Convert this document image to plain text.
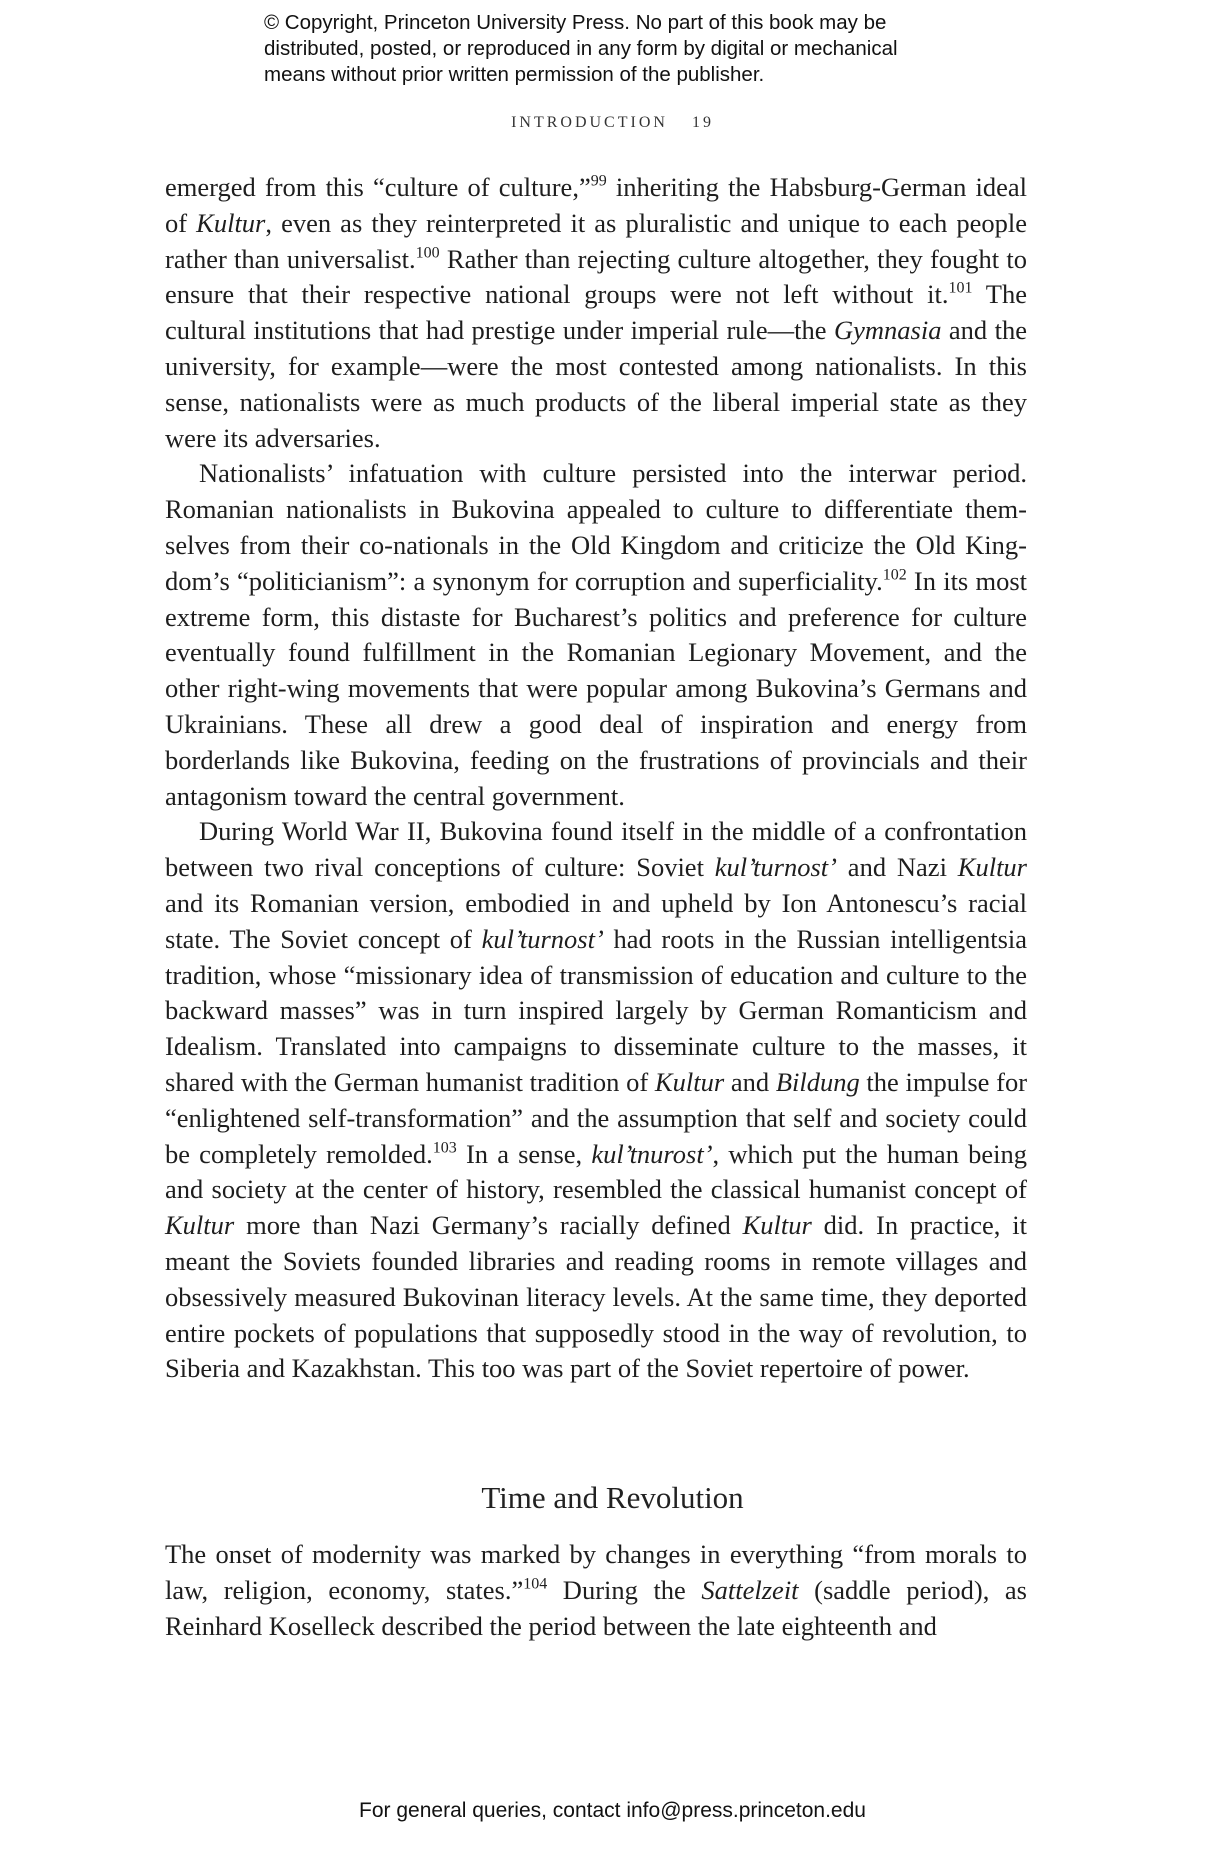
© Copyright, Princeton University Press. No part of this book may be
distributed, posted, or reproduced in any form by digital or mechanical
means without prior written permission of the publisher.
INTRODUCTION 19

emerged from this “culture of culture,”$^{99}$ inheriting the Habsburg-German ideal of Kultur, even as they reinterpreted it as pluralistic and unique to each people rather than universalist.$^{100}$ Rather than rejecting culture altogether, they fought to ensure that their respective national groups were not left without it.$^{101}$ The cultural institutions that had prestige under imperial rule—the Gymnasia and the university, for example—were the most contested among nationalists. In this sense, nationalists were as much products of the liberal imperial state as they were its adversaries.

Nationalists’ infatuation with culture persisted into the interwar period. Romanian nationalists in Bukovina appealed to culture to differentiate themselves from their co-nationals in the Old Kingdom and criticize the Old Kingdom’s “politicianism”: a synonym for corruption and superficiality.$^{102}$ In its most extreme form, this distaste for Bucharest’s politics and preference for culture eventually found fulfillment in the Romanian Legionary Movement, and the other right-wing movements that were popular among Bukovina’s Germans and Ukrainians. These all drew a good deal of inspiration and energy from borderlands like Bukovina, feeding on the frustrations of provincials and their antagonism toward the central government.

During World War II, Bukovina found itself in the middle of a confrontation between two rival conceptions of culture: Soviet kul’turnost’ and Nazi Kultur and its Romanian version, embodied in and upheld by Ion Antonescu’s racial state. The Soviet concept of kul’turnost’ had roots in the Russian intelligentsia tradition, whose “missionary idea of transmission of education and culture to the backward masses” was in turn inspired largely by German Romanticism and Idealism. Translated into campaigns to disseminate culture to the masses, it shared with the German humanist tradition of Kultur and Bildung the impulse for “enlightened self-transformation” and the assumption that self and society could be completely remolded.$^{103}$ In a sense, kul’tnurost’, which put the human being and society at the center of history, resembled the classical humanist concept of Kultur more than Nazi Germany’s racially defined Kultur did. In practice, it meant the Soviets founded libraries and reading rooms in remote villages and obsessively measured Bukovinan literacy levels. At the same time, they deported entire pockets of populations that supposedly stood in the way of revolution, to Siberia and Kazakhstan. This too was part of the Soviet repertoire of power.

Time and Revolution

The onset of modernity was marked by changes in everything “from morals to law, religion, economy, states.”$^{104}$ During the Sattelzeit (saddle period), as Reinhard Koselleck described the period between the late eighteenth and

For general queries, contact info@press.princeton.edu
